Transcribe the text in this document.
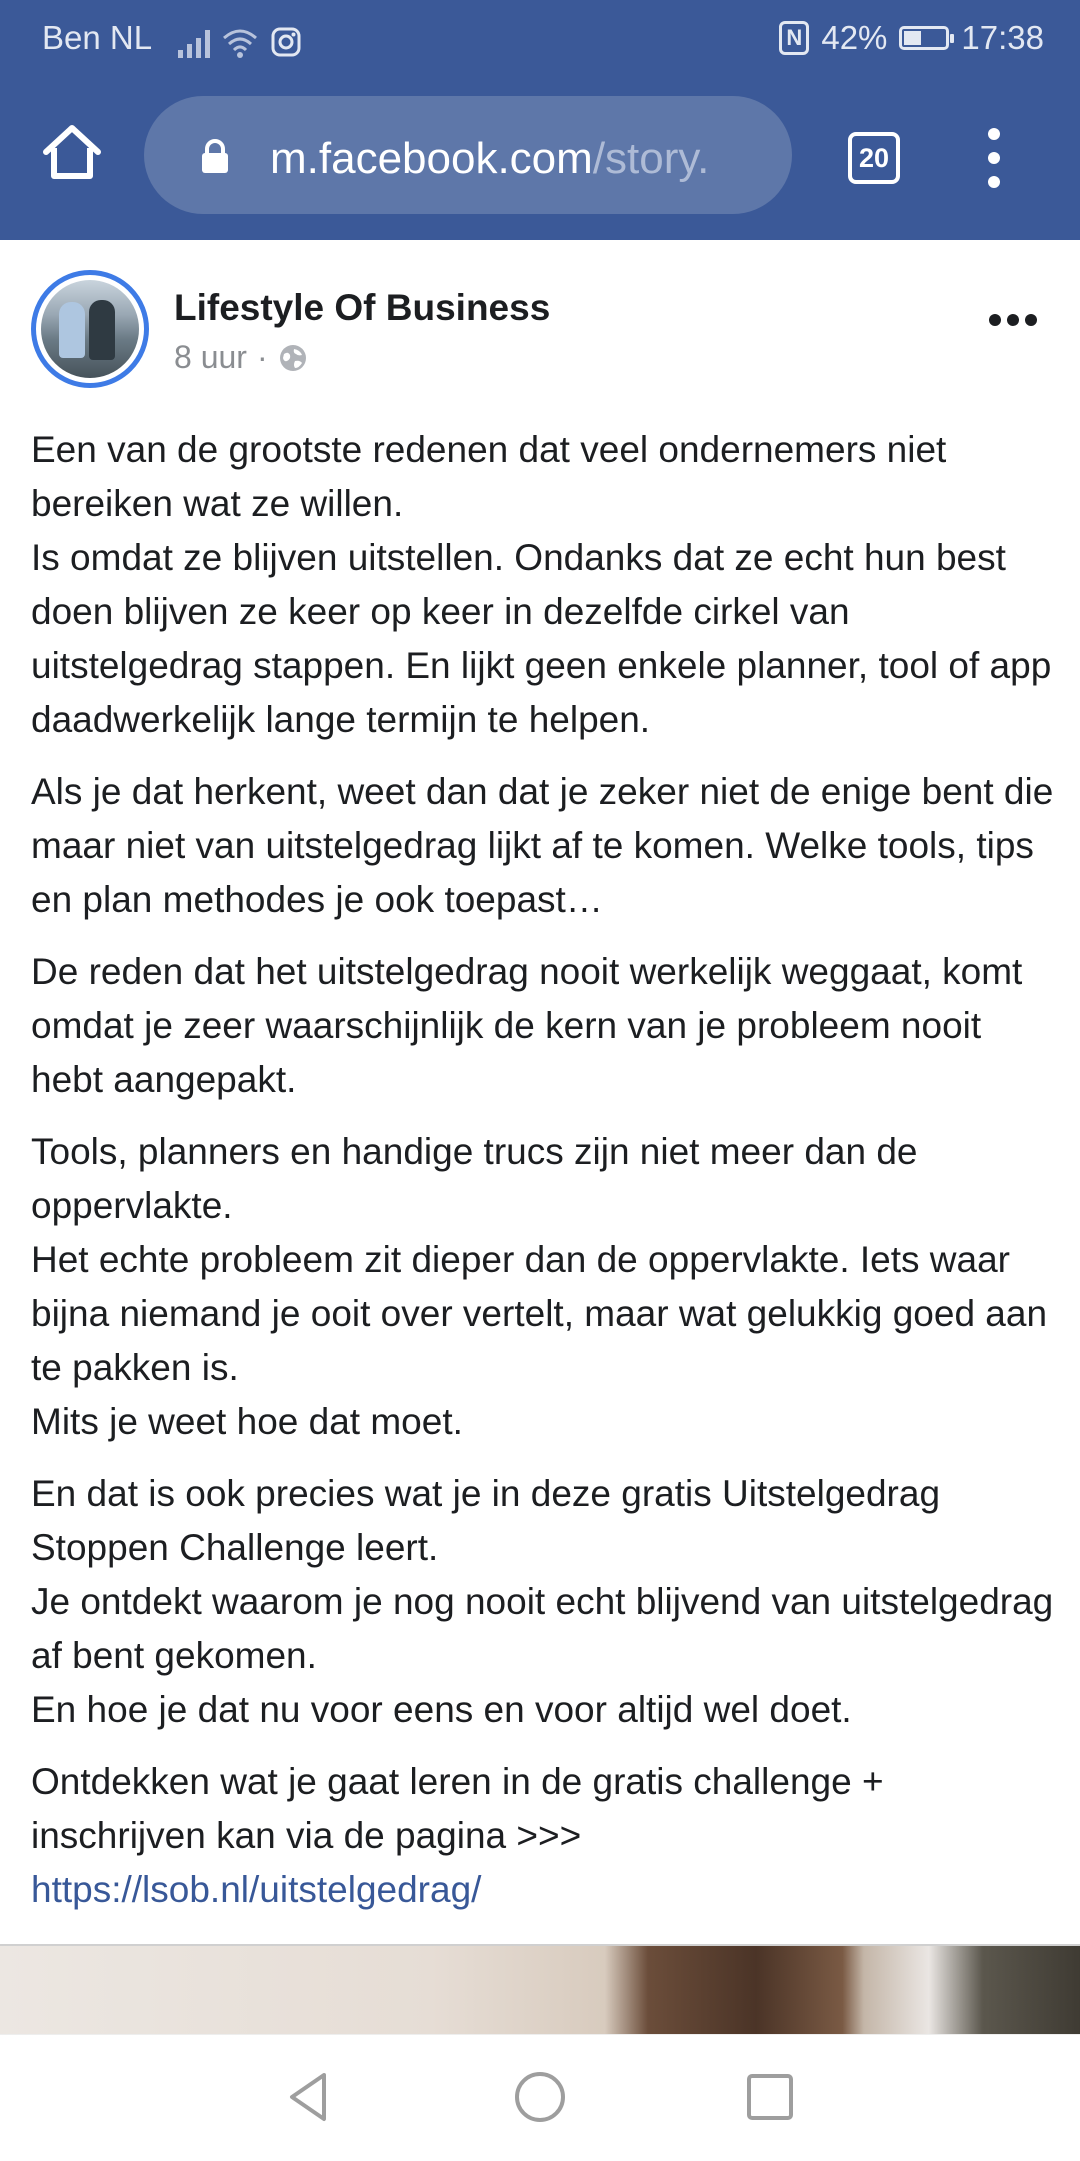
Ben NL	N 42% 17:38
m.facebook.com/story.	20
Lifestyle Of Business
8 uur ·

Een van de grootste redenen dat veel ondernemers niet bereiken wat ze willen.
Is omdat ze blijven uitstellen. Ondanks dat ze echt hun best doen blijven ze keer op keer in dezelfde cirkel van uitstelgedrag stappen. En lijkt geen enkele planner, tool of app daadwerkelijk lange termijn te helpen.

Als je dat herkent, weet dan dat je zeker niet de enige bent die maar niet van uitstelgedrag lijkt af te komen. Welke tools, tips en plan methodes je ook toepast…

De reden dat het uitstelgedrag nooit werkelijk weggaat, komt omdat je zeer waarschijnlijk de kern van je probleem nooit hebt aangepakt.

Tools, planners en handige trucs zijn niet meer dan de oppervlakte.
Het echte probleem zit dieper dan de oppervlakte. Iets waar bijna niemand je ooit over vertelt, maar wat gelukkig goed aan te pakken is.
Mits je weet hoe dat moet.

En dat is ook precies wat je in deze gratis Uitstelgedrag Stoppen Challenge leert.
Je ontdekt waarom je nog nooit echt blijvend van uitstelgedrag af bent gekomen.
En hoe je dat nu voor eens en voor altijd wel doet.

Ontdekken wat je gaat leren in de gratis challenge + inschrijven kan via de pagina >>>

https://lsob.nl/uitstelgedrag/
